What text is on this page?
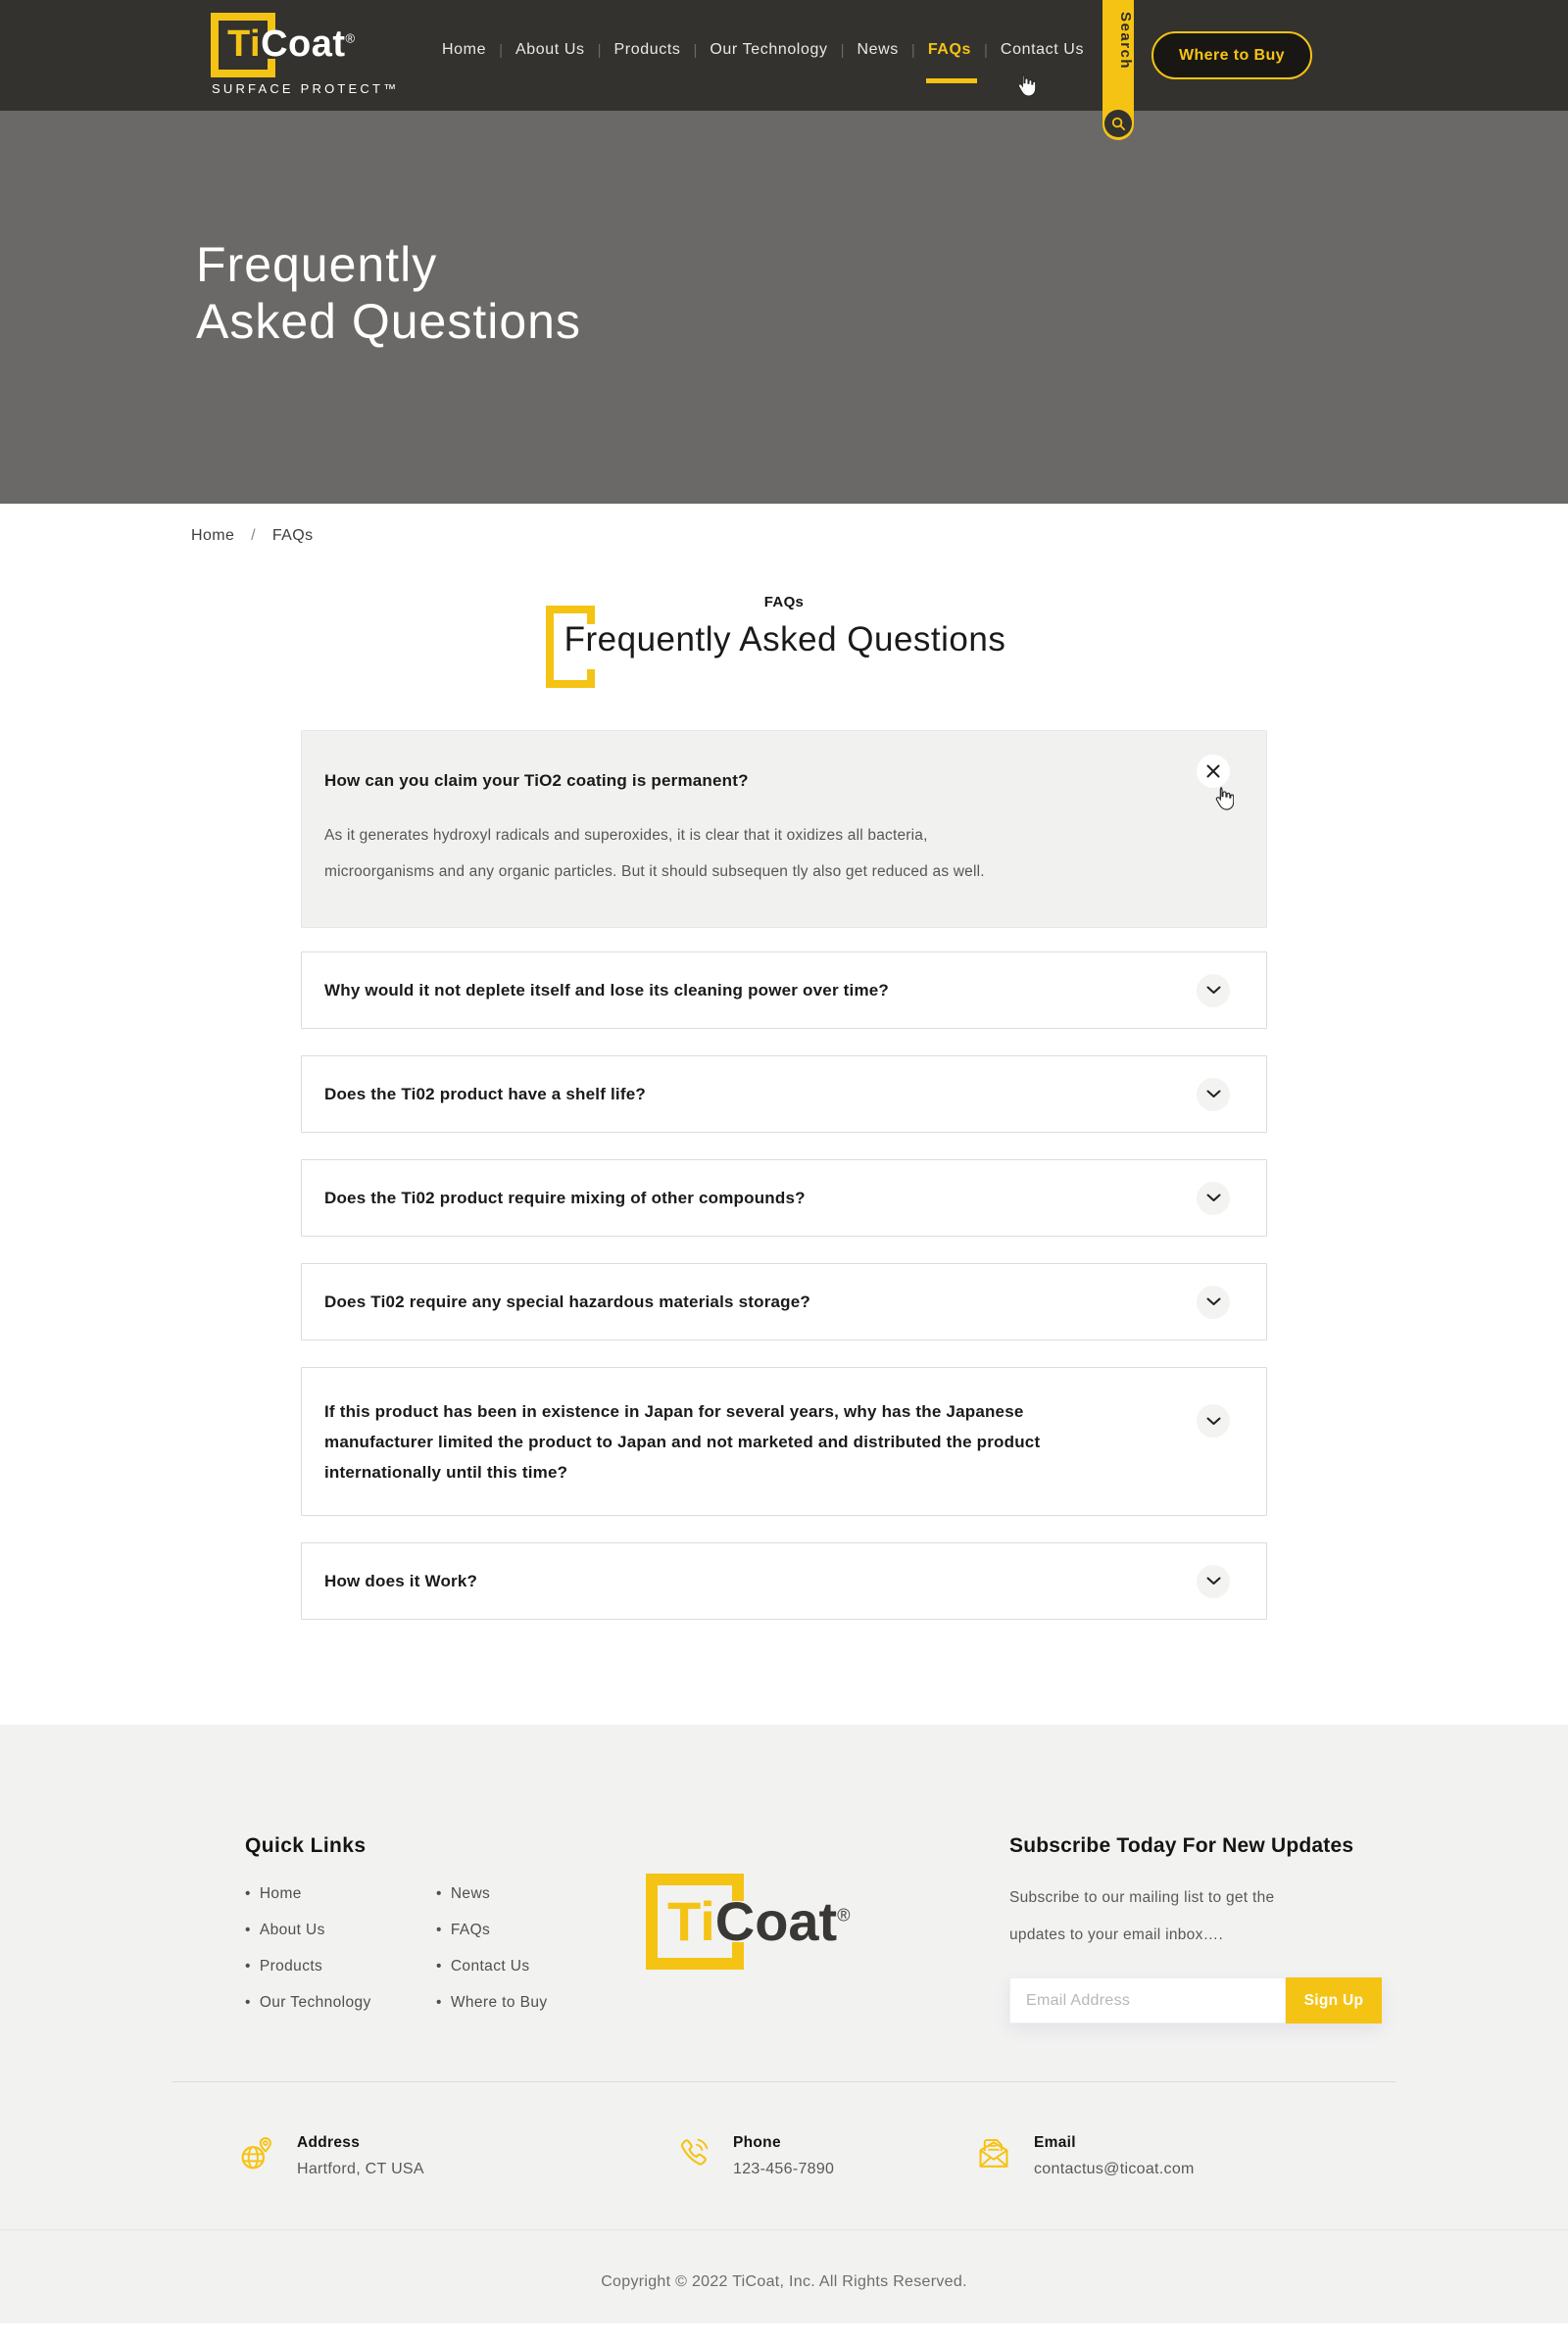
TiCoat®
SURFACE PROTECT™
Home | About Us | Products | Our Technology | News | FAQs | Contact Us	Search	Where to Buy
Frequently
Asked Questions
Home / FAQs
FAQs
Frequently Asked Questions
How can you claim your TiO2 coating is permanent?
As it generates hydroxyl radicals and superoxides, it is clear that it oxidizes all bacteria,
microorganisms and any organic particles. But it should subsequen tly also get reduced as well.
Why would it not deplete itself and lose its cleaning power over time?
Does the Ti02 product have a shelf life?
Does the Ti02 product require mixing of other compounds?
Does Ti02 require any special hazardous materials storage?
If this product has been in existence in Japan for several years, why has the Japanese manufacturer limited the product to Japan and not marketed and distributed the product internationally until this time?
How does it Work?
Quick Links
• Home
• About Us
• Products
• Our Technology
• News
• FAQs
• Contact Us
• Where to Buy
TiCoat®
Subscribe Today For New Updates
Subscribe to our mailing list to get the
updates to your email inbox….
Email Address
Sign Up
Address
Hartford, CT USA
Phone
123-456-7890
Email
contactus@ticoat.com
Copyright © 2022 TiCoat, Inc. All Rights Reserved.
